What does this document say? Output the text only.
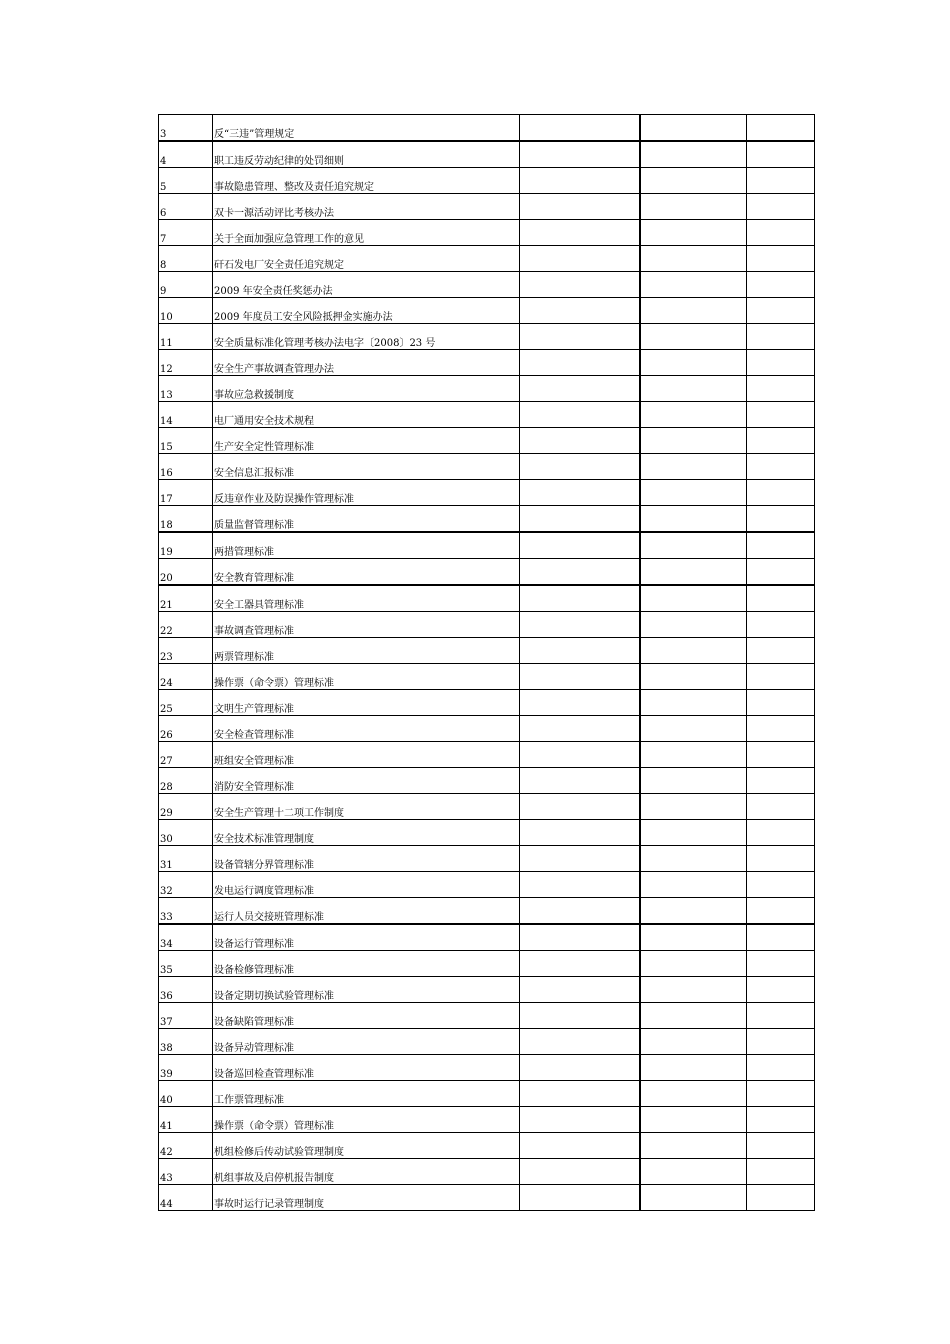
3	反“三违”管理规定			
4	职工违反劳动纪律的处罚细则			
5	事故隐患管理、整改及责任追究规定			
6	双卡一源活动评比考核办法			
7	关于全面加强应急管理工作的意见			
8	矸石发电厂安全责任追究规定			
9	2009 年安全责任奖惩办法			
10	2009 年度员工安全风险抵押金实施办法			
11	安全质量标准化管理考核办法电字〔2008〕23 号			
12	安全生产事故调查管理办法			
13	事故应急救援制度			
14	电厂通用安全技术规程			
15	生产安全定性管理标准			
16	安全信息汇报标准			
17	反违章作业及防误操作管理标准			
18	质量监督管理标准			
19	两措管理标准			
20	安全教育管理标准			
21	安全工器具管理标准			
22	事故调查管理标准			
23	两票管理标准			
24	操作票（命令票）管理标准			
25	文明生产管理标准			
26	安全检查管理标准			
27	班组安全管理标准			
28	消防安全管理标准			
29	安全生产管理十二项工作制度			
30	安全技术标准管理制度			
31	设备管辖分界管理标准			
32	发电运行调度管理标准			
33	运行人员交接班管理标准			
34	设备运行管理标准			
35	设备检修管理标准			
36	设备定期切换试验管理标准			
37	设备缺陷管理标准			
38	设备异动管理标准			
39	设备巡回检查管理标准			
40	工作票管理标准			
41	操作票（命令票）管理标准			
42	机组检修后传动试验管理制度			
43	机组事故及启停机报告制度			
44	事故时运行记录管理制度			
